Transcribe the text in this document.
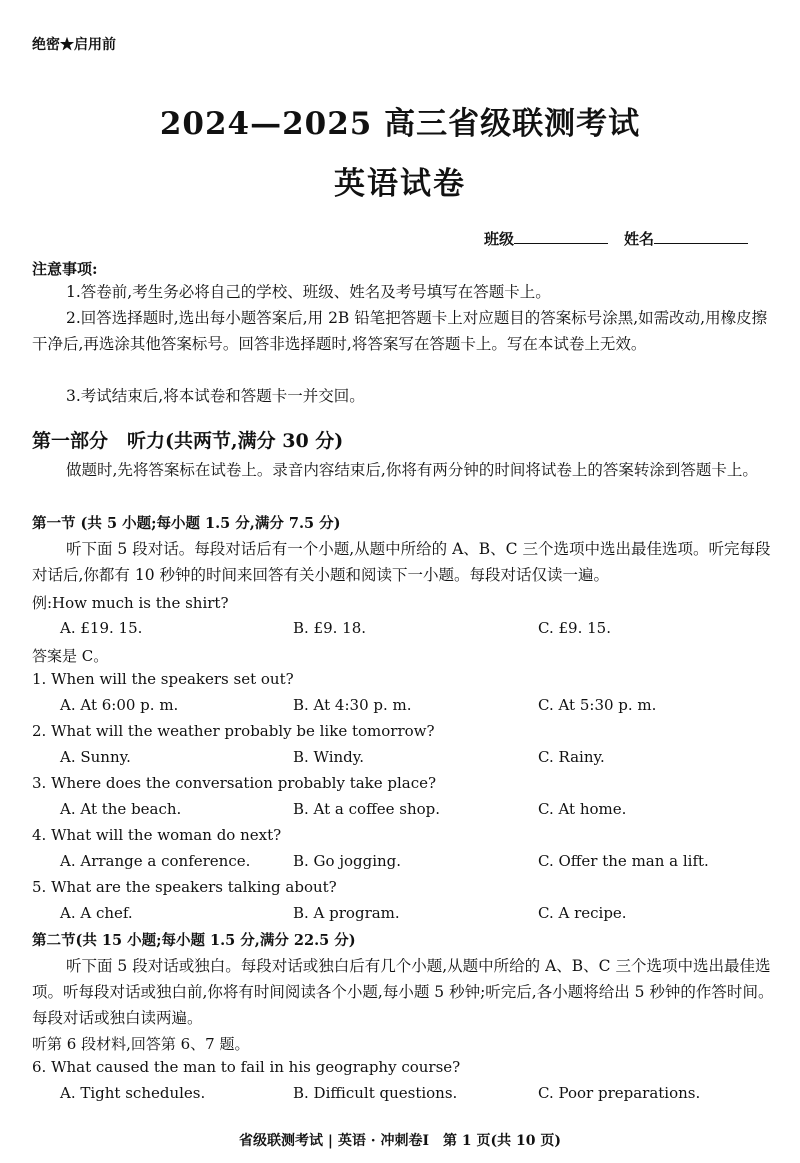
绝密★启用前
2024—2025 高三省级联测考试
英语试卷
班级	姓名
注意事项:
1.答卷前,考生务必将自己的学校、班级、姓名及考号填写在答题卡上。
2.回答选择题时,选出每小题答案后,用 2B 铅笔把答题卡上对应题目的答案标号涂黑,如需改动,用橡皮擦干净后,再选涂其他答案标号。回答非选择题时,将答案写在答题卡上。写在本试卷上无效。
3.考试结束后,将本试卷和答题卡一并交回。
第一部分　听力(共两节,满分 30 分)
做题时,先将答案标在试卷上。录音内容结束后,你将有两分钟的时间将试卷上的答案转涂到答题卡上。
第一节 (共 5 小题;每小题 1.5 分,满分 7.5 分)
听下面 5 段对话。每段对话后有一个小题,从题中所给的 A、B、C 三个选项中选出最佳选项。听完每段对话后,你都有 10 秒钟的时间来回答有关小题和阅读下一小题。每段对话仅读一遍。
例:How much is the shirt?
A. £19. 15.	B. £9. 18.	C. £9. 15.
答案是 C。
1. When will the speakers set out?
A. At 6:00 p. m.	B. At 4:30 p. m.	C. At 5:30 p. m.
2. What will the weather probably be like tomorrow?
A. Sunny.	B. Windy.	C. Rainy.
3. Where does the conversation probably take place?
A. At the beach.	B. At a coffee shop.	C. At home.
4. What will the woman do next?
A. Arrange a conference.	B. Go jogging.	C. Offer the man a lift.
5. What are the speakers talking about?
A. A chef.	B. A program.	C. A recipe.
第二节(共 15 小题;每小题 1.5 分,满分 22.5 分)
听下面 5 段对话或独白。每段对话或独白后有几个小题,从题中所给的 A、B、C 三个选项中选出最佳选项。听每段对话或独白前,你将有时间阅读各个小题,每小题 5 秒钟;听完后,各小题将给出 5 秒钟的作答时间。每段对话或独白读两遍。
听第 6 段材料,回答第 6、7 题。
6. What caused the man to fail in his geography course?
A. Tight schedules.	B. Difficult questions.	C. Poor preparations.
省级联测考试 | 英语 · 冲刺卷Ⅰ　第 1 页(共 10 页)
